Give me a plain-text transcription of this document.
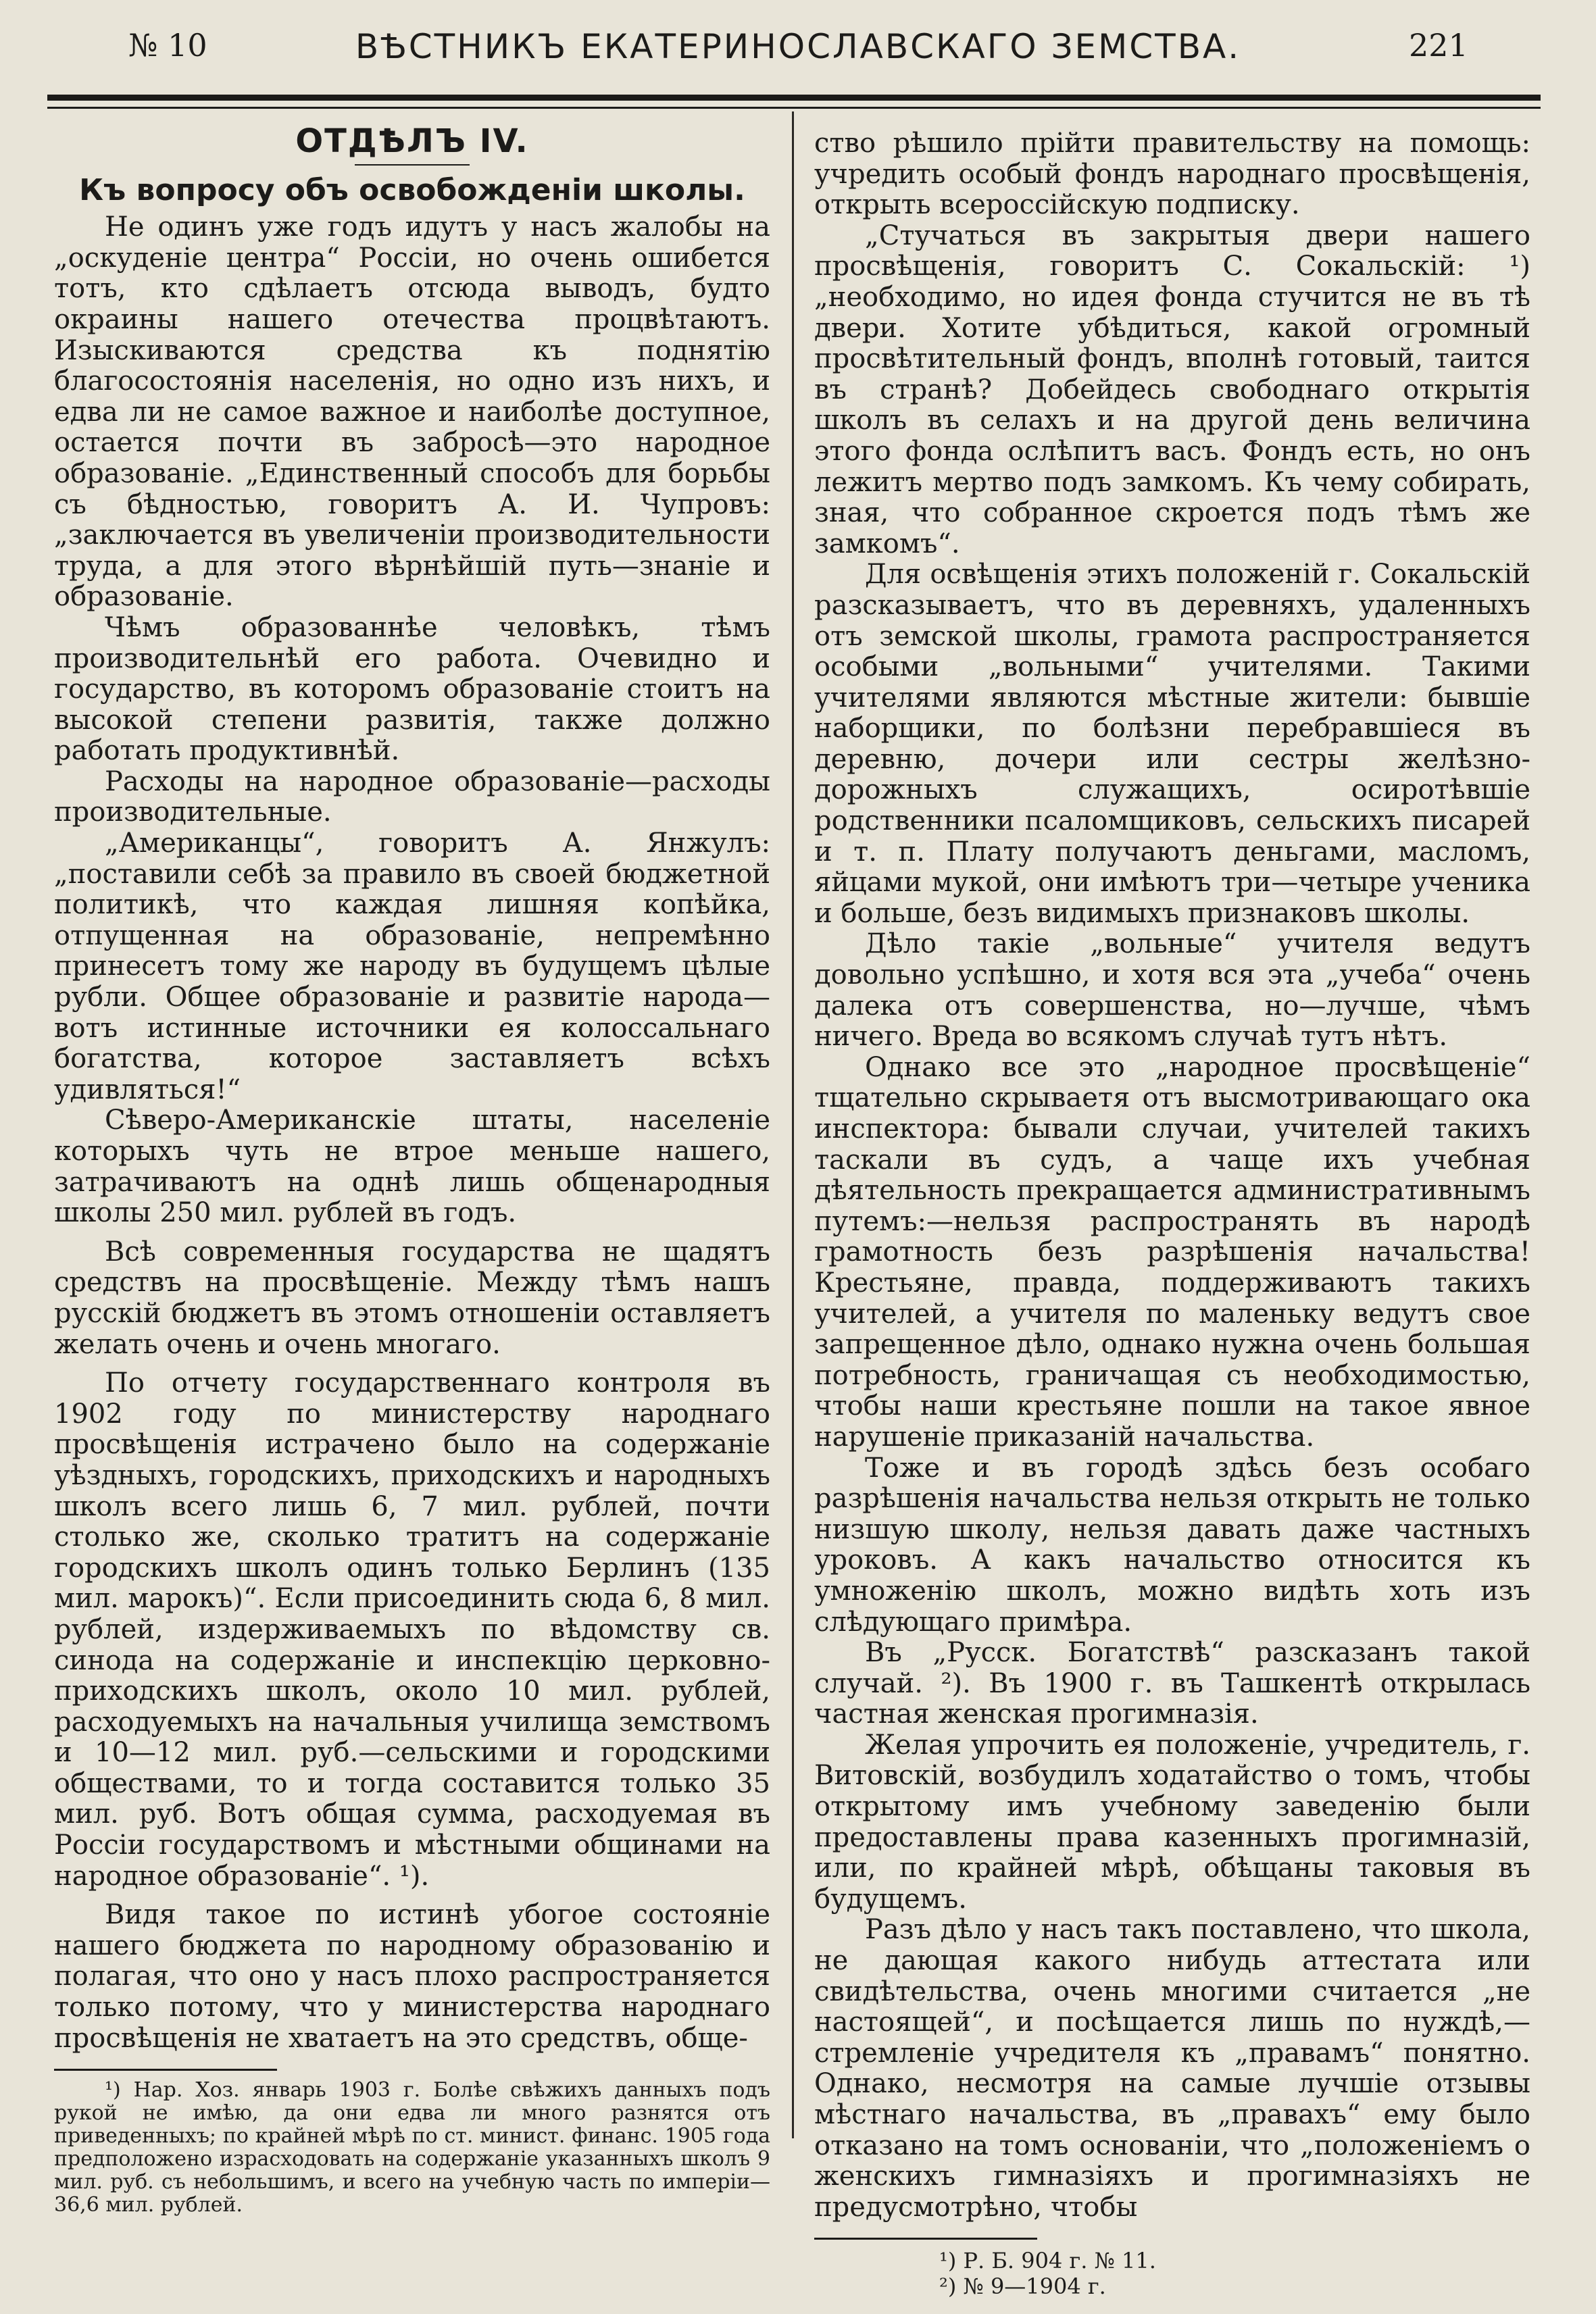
№ 10	ВѢСТНИКЪ ЕКАТЕРИНОСЛАВСКАГО ЗЕМСТВА.	221
ОТДѢЛЪ IV.
Къ вопросу объ освобожденіи школы.

Не одинъ уже годъ идутъ у насъ жалобы на „оскуденіе центра“ Россіи, но очень ошибется тотъ, кто сдѣлаетъ отсюда выводъ, будто окраины нашего отечества процвѣтаютъ. Изыскиваются средства къ поднятію благосостоянія населенія, но одно изъ нихъ, и едва ли не самое важное и наиболѣе доступное, остается почти въ забросѣ—это народное образованіе. „Единственный способъ для борьбы съ бѣдностью, говоритъ А. И. Чупровъ: „заключается въ увеличеніи производительности труда, а для этого вѣрнѣйшій путь—знаніе и образованіе.

Чѣмъ образованнѣе человѣкъ, тѣмъ производительнѣй его работа. Очевидно и государство, въ которомъ образованіе стоитъ на высокой степени развитія, также должно работать продуктивнѣй.

Расходы на народное образованіе—расходы производительные.

„Американцы“, говоритъ А. Янжулъ: „поставили себѣ за правило въ своей бюджетной политикѣ, что каждая лишняя копѣйка, отпущенная на образованіе, непремѣнно принесетъ тому же народу въ будущемъ цѣлые рубли. Общее образованіе и развитіе народа—вотъ истинные источники ея колоссальнаго богатства, которое заставляетъ всѣхъ удивляться!“

Сѣверо-Американскіе штаты, населеніе которыхъ чуть не втрое меньше нашего, затрачиваютъ на однѣ лишь общенародныя школы 250 мил. рублей въ годъ.

Всѣ современныя государства не щадятъ средствъ на просвѣщеніе. Между тѣмъ нашъ русскій бюджетъ въ этомъ отношеніи оставляетъ желать очень и очень многаго.

По отчету государственнаго контроля въ 1902 году по министерству народнаго просвѣщенія истрачено было на содержаніе уѣздныхъ, городскихъ, приходскихъ и народныхъ школъ всего лишь 6, 7 мил. рублей, почти столько же, сколько тратитъ на содержаніе городскихъ школъ одинъ только Берлинъ (135 мил. марокъ)“. Если присоединить сюда 6, 8 мил. рублей, издерживаемыхъ по вѣдомству св. синода на содержаніе и инспекцію церковно-приходскихъ школъ, около 10 мил. рублей, расходуемыхъ на начальныя училища земствомъ и 10—12 мил. руб.—сельскими и городскими обществами, то и тогда составится только 35 мил. руб. Вотъ общая сумма, расходуемая въ Россіи государствомъ и мѣстными общинами на народное образованіе“. ¹).

Видя такое по истинѣ убогое состояніе нашего бюджета по народному образованію и полагая, что оно у насъ плохо распространяется только потому, что у министерства народнаго просвѣщенія не хватаетъ на это средствъ, обще-

¹) Нар. Хоз. январь 1903 г. Болѣе свѣжихъ данныхъ подъ рукой не имѣю, да они едва ли много разнятся отъ приведенныхъ; по крайней мѣрѣ по ст. минист. финанс. 1905 года предположено израсходовать на содержаніе указанныхъ школъ 9 мил. руб. съ небольшимъ, и всего на учебную часть по имперіи—36,6 мил. рублей.

ство рѣшило прійти правительству на помощь: учредить особый фондъ народнаго просвѣщенія, открыть всероссійскую подписку.

„Стучаться въ закрытыя двери нашего просвѣщенія, говоритъ С. Сокальскій: ¹) „необходимо, но идея фонда стучится не въ тѣ двери. Хотите убѣдиться, какой огромный просвѣтительный фондъ, вполнѣ готовый, таится въ странѣ? Добейдесь свободнаго открытія школъ въ селахъ и на другой день величина этого фонда ослѣпитъ васъ. Фондъ есть, но онъ лежитъ мертво подъ замкомъ. Къ чему собирать, зная, что собранное скроется подъ тѣмъ же замкомъ“.

Для освѣщенія этихъ положеній г. Сокальскій разсказываетъ, что въ деревняхъ, удаленныхъ отъ земской школы, грамота распространяется особыми „вольными“ учителями. Такими учителями являются мѣстные жители: бывшіе наборщики, по болѣзни перебравшіеся въ деревню, дочери или сестры желѣзно-дорожныхъ служащихъ, осиротѣвшіе родственники псаломщиковъ, сельскихъ писарей и т. п. Плату получаютъ деньгами, масломъ, яйцами мукой, они имѣютъ три—четыре ученика и больше, безъ видимыхъ признаковъ школы.

Дѣло такіе „вольные“ учителя ведутъ довольно успѣшно, и хотя вся эта „учеба“ очень далека отъ совершенства, но—лучше, чѣмъ ничего. Вреда во всякомъ случаѣ тутъ нѣтъ.

Однако все это „народное просвѣщеніе“ тщательно скрываетя отъ высмотривающаго ока инспектора: бывали случаи, учителей такихъ таскали въ судъ, а чаще ихъ учебная дѣятельность прекращается административнымъ путемъ:—нельзя распространять въ народѣ грамотность безъ разрѣшенія начальства! Крестьяне, правда, поддерживаютъ такихъ учителей, а учителя по маленьку ведутъ свое запрещенное дѣло, однако нужна очень большая потребность, граничащая съ необходимостью, чтобы наши крестьяне пошли на такое явное нарушеніе приказаній начальства.

Тоже и въ городѣ здѣсь безъ особаго разрѣшенія начальства нельзя открыть не только низшую школу, нельзя давать даже частныхъ уроковъ. А какъ начальство относится къ умноженію школъ, можно видѣть хоть изъ слѣдующаго примѣра.

Въ „Русск. Богатствѣ“ разсказанъ такой случай. ²). Въ 1900 г. въ Ташкентѣ открылась частная женская прогимназія.

Желая упрочить ея положеніе, учредитель, г. Витовскій, возбудилъ ходатайство о томъ, чтобы открытому имъ учебному заведенію были предоставлены права казенныхъ прогимназій, или, по крайней мѣрѣ, обѣщаны таковыя въ будущемъ.

Разъ дѣло у насъ такъ поставлено, что школа, не дающая какого нибудь аттестата или свидѣтельства, очень многими считается „не настоящей“, и посѣщается лишь по нуждѣ,—стремленіе учредителя къ „правамъ“ понятно. Однако, несмотря на самые лучшіе отзывы мѣстнаго начальства, въ „правахъ“ ему было отказано на томъ основаніи, что „положеніемъ о женскихъ гимназіяхъ и прогимназіяхъ не предусмотрѣно, чтобы

¹) Р. Б. 904 г. № 11.

²) № 9—1904 г.
